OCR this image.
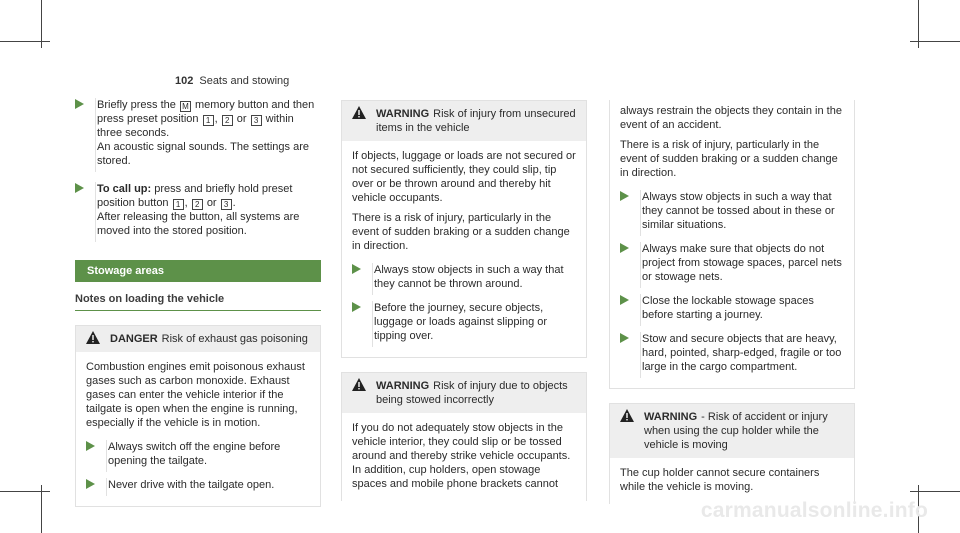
102 Seats and stowing
Briefly press the M memory button and then press preset position 1 , 2 or 3 within three seconds.
An acoustic signal sounds. The settings are stored.
To call up: press and briefly hold preset position button 1 , 2 or 3 .
After releasing the button, all systems are moved into the stored position.
Stowage areas
Notes on loading the vehicle
DANGER Risk of exhaust gas poisoning

Combustion engines emit poisonous exhaust gases such as carbon monoxide. Exhaust gases can enter the vehicle interior if the tailgate is open when the engine is running, especially if the vehicle is in motion.

Always switch off the engine before opening the tailgate.
Never drive with the tailgate open.
WARNING Risk of injury from unsecured items in the vehicle

If objects, luggage or loads are not secured or not secured sufficiently, they could slip, tip over or be thrown around and thereby hit vehicle occupants.

There is a risk of injury, particularly in the event of sudden braking or a sudden change in direction.

Always stow objects in such a way that they cannot be thrown around.
Before the journey, secure objects, luggage or loads against slipping or tipping over.
WARNING Risk of injury due to objects being stowed incorrectly

If you do not adequately stow objects in the vehicle interior, they could slip or be tossed around and thereby strike vehicle occupants. In addition, cup holders, open stowage spaces and mobile phone brackets cannot

always restrain the objects they contain in the event of an accident.

There is a risk of injury, particularly in the event of sudden braking or a sudden change in direction.

Always stow objects in such a way that they cannot be tossed about in these or similar situations.
Always make sure that objects do not project from stowage spaces, parcel nets or stowage nets.
Close the lockable stowage spaces before starting a journey.
Stow and secure objects that are heavy, hard, pointed, sharp-edged, fragile or too large in the cargo compartment.
WARNING - Risk of accident or injury when using the cup holder while the vehicle is moving

The cup holder cannot secure containers while the vehicle is moving.

carmanualsonline.info
